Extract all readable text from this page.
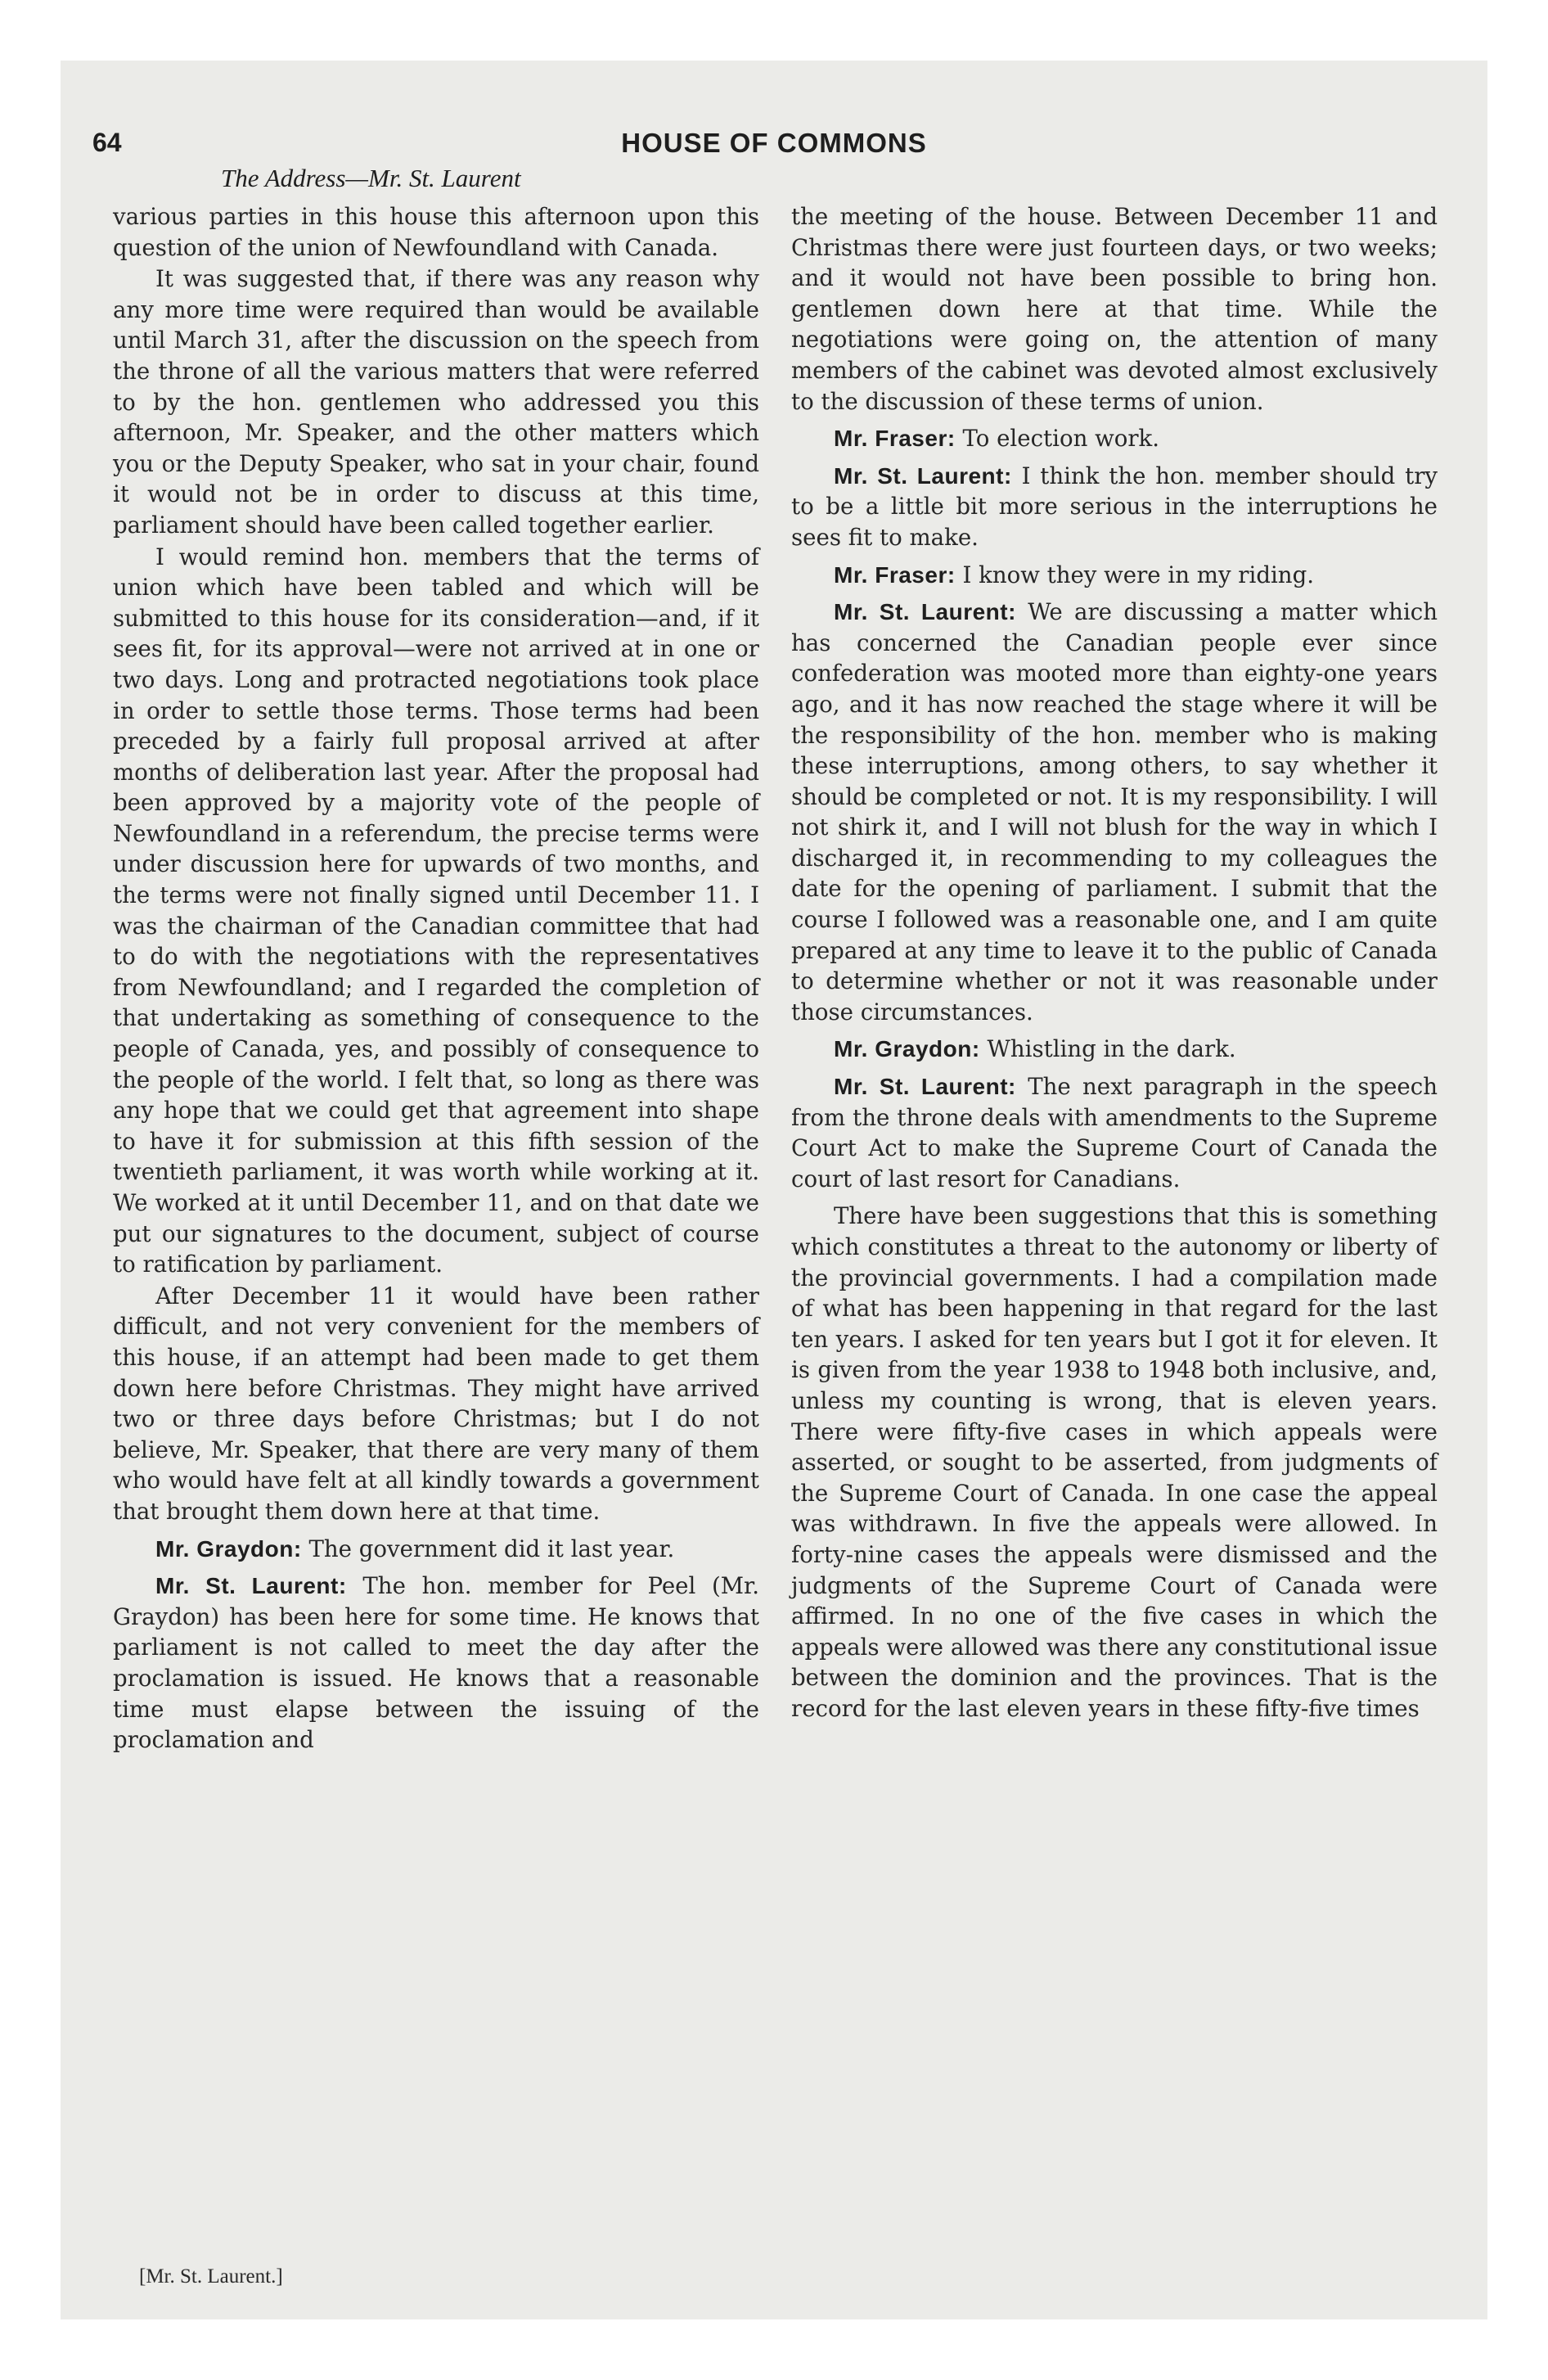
64	HOUSE OF COMMONS
The Address—Mr. St. Laurent

various parties in this house this afternoon upon this question of the union of Newfoundland with Canada.

It was suggested that, if there was any reason why any more time were required than would be available until March 31, after the discussion on the speech from the throne of all the various matters that were referred to by the hon. gentlemen who addressed you this afternoon, Mr. Speaker, and the other matters which you or the Deputy Speaker, who sat in your chair, found it would not be in order to discuss at this time, parliament should have been called together earlier.

I would remind hon. members that the terms of union which have been tabled and which will be submitted to this house for its consideration—and, if it sees fit, for its approval—were not arrived at in one or two days. Long and protracted negotiations took place in order to settle those terms. Those terms had been preceded by a fairly full proposal arrived at after months of deliberation last year. After the proposal had been approved by a majority vote of the people of Newfoundland in a referendum, the precise terms were under discussion here for upwards of two months, and the terms were not finally signed until December 11. I was the chairman of the Canadian committee that had to do with the negotiations with the representatives from Newfoundland; and I regarded the completion of that undertaking as something of consequence to the people of Canada, yes, and possibly of consequence to the people of the world. I felt that, so long as there was any hope that we could get that agreement into shape to have it for submission at this fifth session of the twentieth parliament, it was worth while working at it. We worked at it until December 11, and on that date we put our signatures to the document, subject of course to ratification by parliament.

After December 11 it would have been rather difficult, and not very convenient for the members of this house, if an attempt had been made to get them down here before Christmas. They might have arrived two or three days before Christmas; but I do not believe, Mr. Speaker, that there are very many of them who would have felt at all kindly towards a government that brought them down here at that time.

Mr. Graydon: The government did it last year.

Mr. St. Laurent: The hon. member for Peel (Mr. Graydon) has been here for some time. He knows that parliament is not called to meet the day after the proclamation is issued. He knows that a reasonable time must elapse between the issuing of the proclamation and

the meeting of the house. Between December 11 and Christmas there were just fourteen days, or two weeks; and it would not have been possible to bring hon. gentlemen down here at that time. While the negotiations were going on, the attention of many members of the cabinet was devoted almost exclusively to the discussion of these terms of union.

Mr. Fraser: To election work.

Mr. St. Laurent: I think the hon. member should try to be a little bit more serious in the interruptions he sees fit to make.

Mr. Fraser: I know they were in my riding.

Mr. St. Laurent: We are discussing a matter which has concerned the Canadian people ever since confederation was mooted more than eighty-one years ago, and it has now reached the stage where it will be the responsibility of the hon. member who is making these interruptions, among others, to say whether it should be completed or not. It is my responsibility. I will not shirk it, and I will not blush for the way in which I discharged it, in recommending to my colleagues the date for the opening of parliament. I submit that the course I followed was a reasonable one, and I am quite prepared at any time to leave it to the public of Canada to determine whether or not it was reasonable under those circumstances.

Mr. Graydon: Whistling in the dark.

Mr. St. Laurent: The next paragraph in the speech from the throne deals with amendments to the Supreme Court Act to make the Supreme Court of Canada the court of last resort for Canadians.

There have been suggestions that this is something which constitutes a threat to the autonomy or liberty of the provincial governments. I had a compilation made of what has been happening in that regard for the last ten years. I asked for ten years but I got it for eleven. It is given from the year 1938 to 1948 both inclusive, and, unless my counting is wrong, that is eleven years. There were fifty-five cases in which appeals were asserted, or sought to be asserted, from judgments of the Supreme Court of Canada. In one case the appeal was withdrawn. In five the appeals were allowed. In forty-nine cases the appeals were dismissed and the judgments of the Supreme Court of Canada were affirmed. In no one of the five cases in which the appeals were allowed was there any constitutional issue between the dominion and the provinces. That is the record for the last eleven years in these fifty-five times

[Mr. St. Laurent.]
